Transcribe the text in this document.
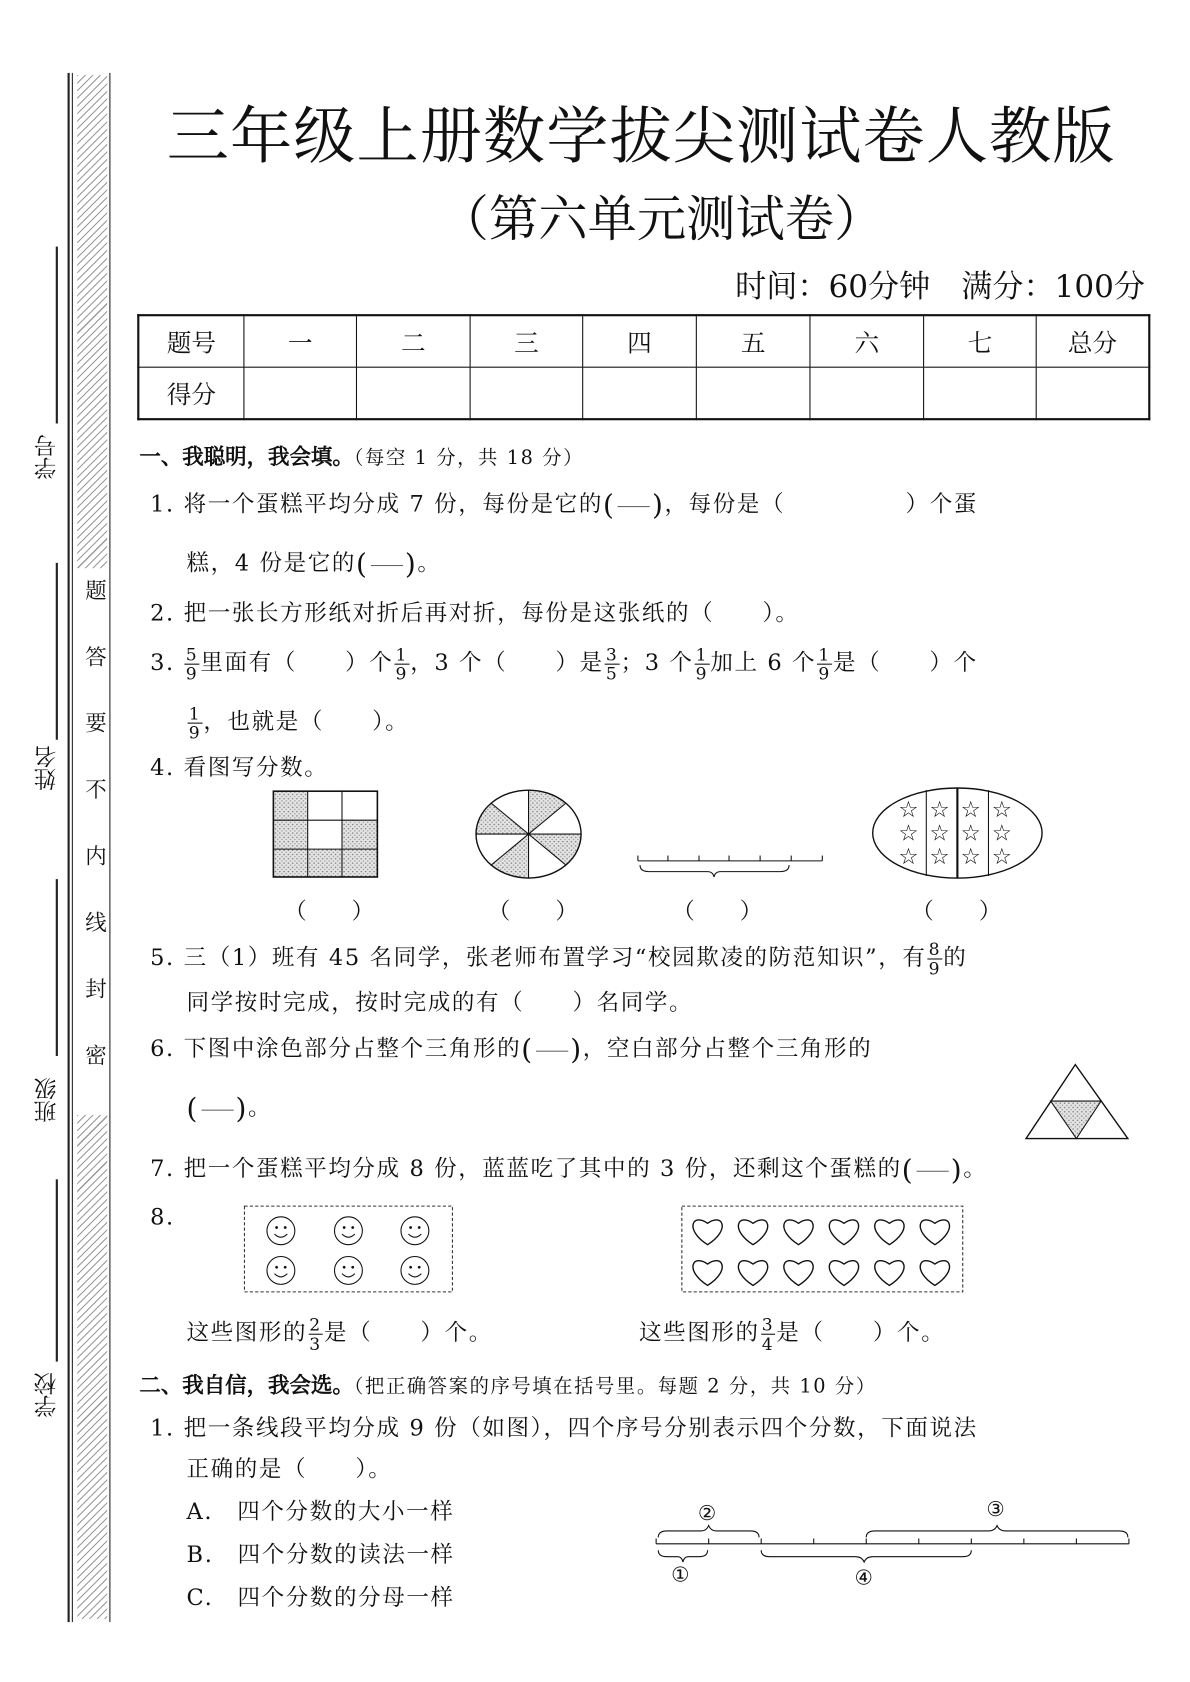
题答要不内线封密
学号
姓名
班级
学校
三年级上册数学拔尖测试卷人教版
（第六单元测试卷）
时间：60分钟　满分：100分
题号	一	二	三	四	五	六	七	总分
得分								
一、我聪明，我会填。（每空 1 分，共 18 分）
1. 将一个蛋糕平均分成 7 份，每份是它的( )，每份是（　　　　　）个蛋
糕，4 份是它的( )。
2. 把一张长方形纸对折后再对折，每份是这张纸的（　　）。
3. $\frac{5}{9}$ 里面有（　　）个 $\frac{1}{9}$ ，3 个（　　）是 $\frac{3}{5}$ ；3 个 $\frac{1}{9}$ 加上 6 个 $\frac{1}{9}$ 是（　　）个
$\frac{1}{9}$ ，也就是（　　）。
4. 看图写分数。
☆
☆
☆
☆
☆
☆
☆
☆
☆
☆
☆
☆
（　　）	（　　）	（　　）	（　　）
5. 三（1）班有 45 名同学，张老师布置学习“校园欺凌的防范知识”，有 $\frac{8}{9}$ 的
同学按时完成，按时完成的有（　　）名同学。
6. 下图中涂色部分占整个三角形的( )，空白部分占整个三角形的
( )。
7. 把一个蛋糕平均分成 8 份，蓝蓝吃了其中的 3 份，还剩这个蛋糕的( )。
8.
这些图形的 $\frac{2}{3}$ 是（　　）个。	这些图形的 $\frac{3}{4}$ 是（　　）个。
二、我自信，我会选。（把正确答案的序号填在括号里。每题 2 分，共 10 分）
1. 把一条线段平均分成 9 份（如图），四个序号分别表示四个分数，下面说法
正确的是（　　）。
A.　四个分数的大小一样
B.　四个分数的读法一样
C.　四个分数的分母一样
①
②	③
④
